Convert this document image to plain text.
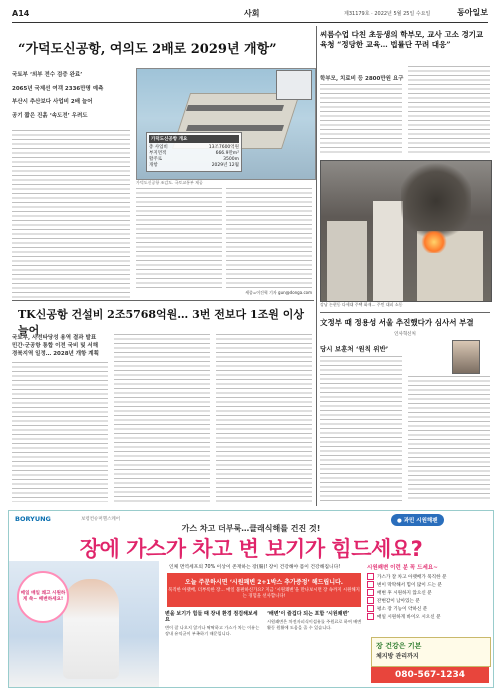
A14	사회	제31179호 · 2022년 5월 25일 수요일	동아일보
“가덕도신공항, 여의도 2배로 2029년 개항”
국토부 ‘외부 전수 검증 완료’
2065년 국제선 여객 2336만명 예측
부산시 추산보다 사업비 2배 늘어
공기 짧은 진흙 ‘속도전’ 우려도
가덕도신공항 개요
총 사업비	13조7600억원
부지면적	666.9만m²
활주로	3500m
개항	2029년 12월
가덕도신공항 조감도. 국토교통부 제공
세종=이건혁 기자 gun@donga.com
TK신공항 건설비 2조5768억원… 3번 전보다 1조원 이상 늘어
국토부, 사전타당성 용역 결과 발표
민간·군공항 통합 이전 국비 및 서해
경북지역 일정… 2028년 개항 계획
씨름수업 다친 초등생의 학부모, 교사 고소 경기교육청 “정당한 교육… 법률단 꾸려 대응”
학부모, 치료비 등 2800만원 요구
강남 논현동 다세대 주택 화재… 주민 대피 소동
文정부 때 정용성 서울 추진했다가 심사서 부결
인사혁신처
당시 보훈처 ‘원칙 위반’
BORYUNG	보령컨슈머헬스케어	● 과민 시원해팬
가스 차고 더부룩…클래식해를 건진 것!
장에 가스가 차고 변 보기가 힘드세요?
매일 매일 쾌고 시원하게 쑥~ 배변하세요!
인체 면역세포의 70% 이상이 존재하는 장(腸)! 장이 건강해야 몸이 건강해집니다!
오늘 주문하시면 ‘시원쾌변 2+1박스 추가증정’ 해드립니다.
묵직한 아랫배, 더부룩한 장… 매일 불편하신가요? 지금 ‘시원쾌변’을 만나보시면 장 속까지 시원해지는 경험을 선사합니다!
시원쾌변 이런 분 꼭 드세요~
가스가 잘 차고 아랫배가 묵직한 분
변이 딱딱해서 힘이 많이 드는 분
배변 후 시원하지 않으신 분
잔변감이 남아있는 분
평소 장 기능이 약하신 분
매일 시원하게 바이오 시오신 분
변을 보기가 힘들 때 장내 환경 점검해보세요
변이 잘 나오지 않거나 딱딱하고 가스가 차는 이유는 장내 유익균이 부족하기 때문입니다.
‘배변’이 즐겁다 되는 포함 ‘시원쾌변’
시원쾌변은 차전자피식이섬유를 주원료로 하여 배변활동 원활에 도움을 줄 수 있습니다.
장 건강은 기본
체지방 관리까지
080-567-1234
